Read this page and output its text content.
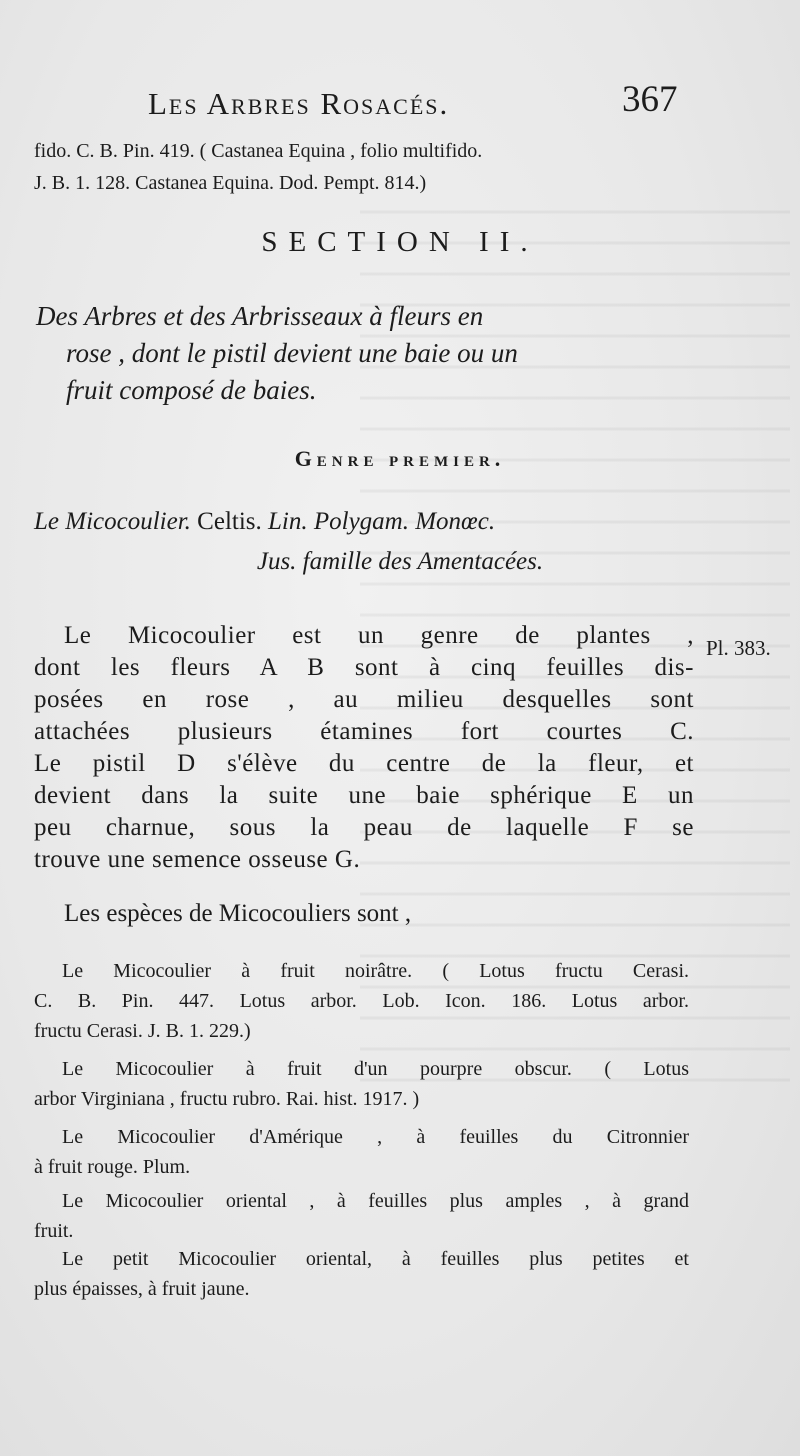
Les Arbres Rosacés.	367
fido. C. B. Pin. 419. ( Castanea Equina , folio multifido.
J. B. 1. 128. Castanea Equina. Dod. Pempt. 814.)
SECTION II.
Des Arbres et des Arbrisseaux à fleurs en
rose , dont le pistil devient une baie ou un
fruit composé de baies.
Genre premier.
Le Micocoulier. Celtis. Lin. Polygam. Monœc.
Jus. famille des Amentacées.
Le Micocoulier est un genre de plantes ,
dont les fleurs A B sont à cinq feuilles dis-
posées en rose , au milieu desquelles sont
attachées plusieurs étamines fort courtes C.
Le pistil D s'élève du centre de la fleur, et
devient dans la suite une baie sphérique E un
peu charnue, sous la peau de laquelle F se
trouve une semence osseuse G.
Pl. 383.
Les espèces de Micocouliers sont ,
Le Micocoulier à fruit noirâtre. ( Lotus fructu Cerasi.
C. B. Pin. 447. Lotus arbor. Lob. Icon. 186. Lotus arbor.
fructu Cerasi. J. B. 1. 229.)
Le Micocoulier à fruit d'un pourpre obscur. ( Lotus
arbor Virginiana , fructu rubro. Rai. hist. 1917. )
Le Micocoulier d'Amérique , à feuilles du Citronnier
à fruit rouge. Plum.
Le Micocoulier oriental , à feuilles plus amples , à grand
fruit.
Le petit Micocoulier oriental, à feuilles plus petites et
plus épaisses, à fruit jaune.
